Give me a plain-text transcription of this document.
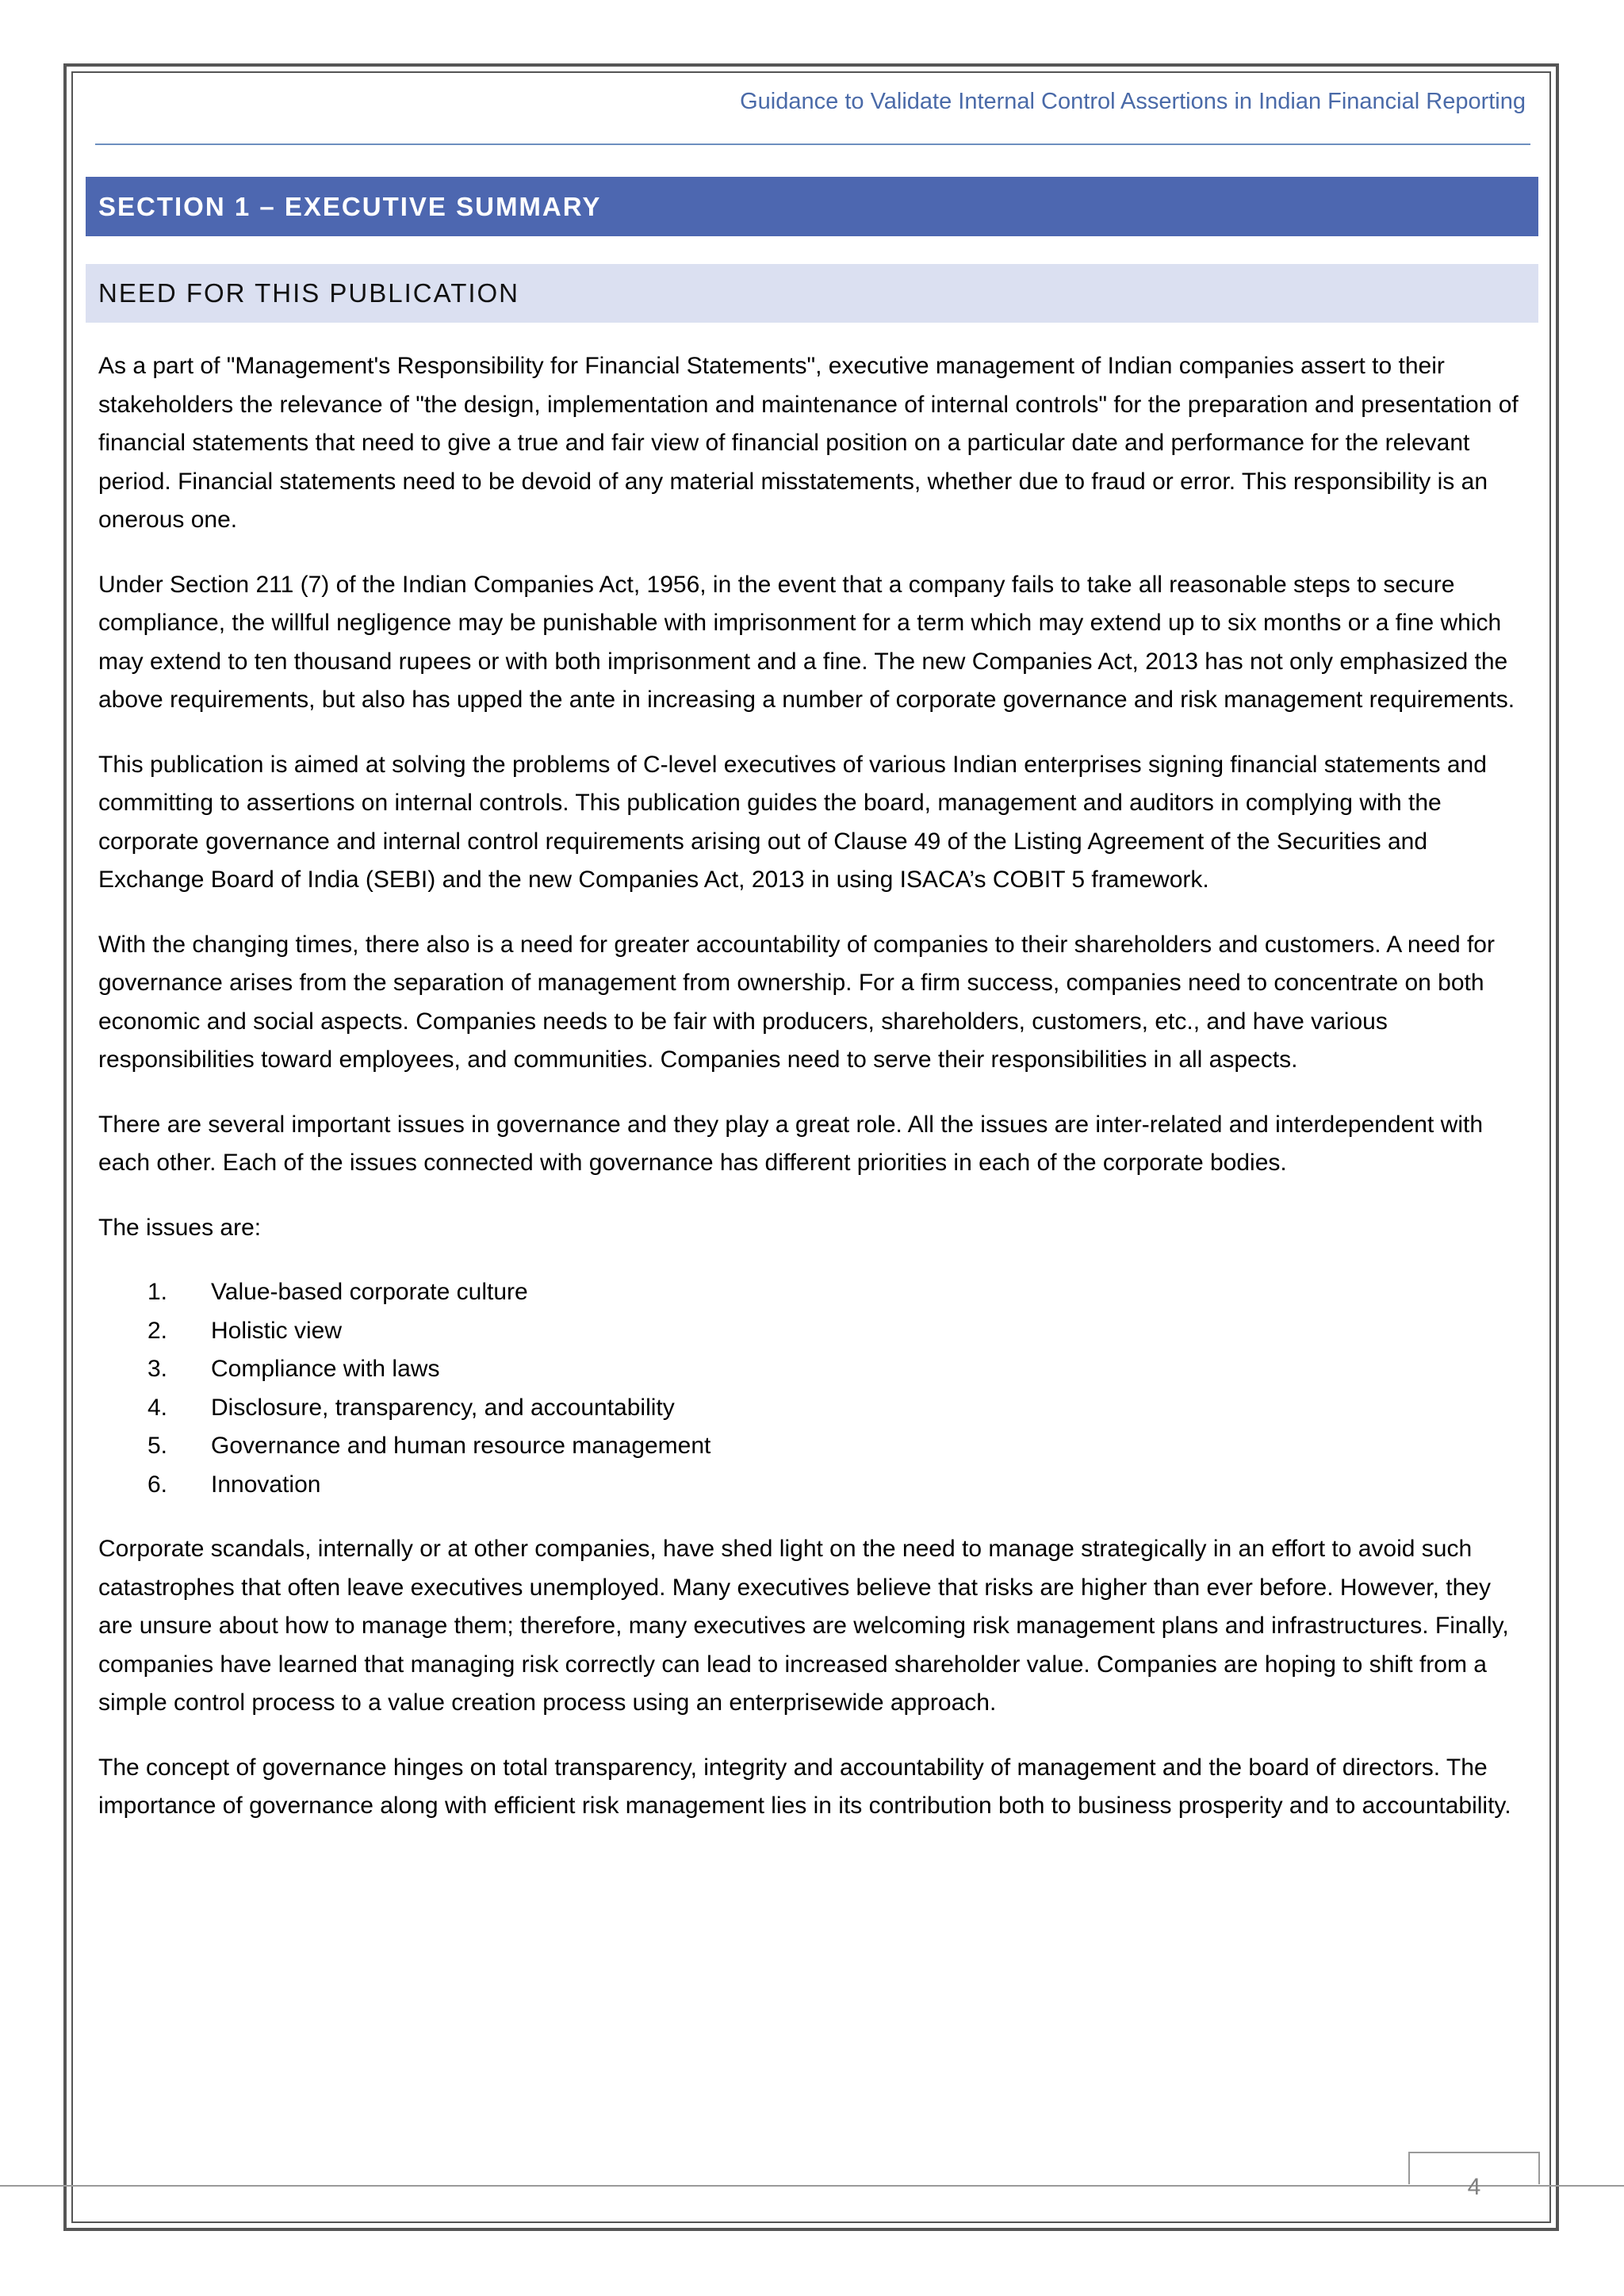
Guidance to Validate Internal Control Assertions in Indian Financial Reporting
SECTION 1 – EXECUTIVE SUMMARY
NEED FOR THIS PUBLICATION

As a part of "Management's Responsibility for Financial Statements", executive management of Indian companies assert to their stakeholders the relevance of "the design, implementation and maintenance of internal controls" for the preparation and presentation of financial statements that need to give a true and fair view of financial position on a particular date and performance for the relevant period. Financial statements need to be devoid of any material misstatements, whether due to fraud or error. This responsibility is an onerous one.

Under Section 211 (7) of the Indian Companies Act, 1956, in the event that a company fails to take all reasonable steps to secure compliance, the willful negligence may be punishable with imprisonment for a term which may extend up to six months or a fine which may extend to ten thousand rupees or with both imprisonment and a fine. The new Companies Act, 2013 has not only emphasized the above requirements, but also has upped the ante in increasing a number of corporate governance and risk management requirements.

This publication is aimed at solving the problems of C-level executives of various Indian enterprises signing financial statements and committing to assertions on internal controls. This publication guides the board, management and auditors in complying with the corporate governance and internal control requirements arising out of Clause 49 of the Listing Agreement of the Securities and Exchange Board of India (SEBI) and the new Companies Act, 2013 in using ISACA’s COBIT 5 framework.

With the changing times, there also is a need for greater accountability of companies to their shareholders and customers. A need for governance arises from the separation of management from ownership. For a firm success, companies need to concentrate on both economic and social aspects. Companies needs to be fair with producers, shareholders, customers, etc., and have various responsibilities toward employees, and communities. Companies need to serve their responsibilities in all aspects.

There are several important issues in governance and they play a great role. All the issues are inter-related and interdependent with each other. Each of the issues connected with governance has different priorities in each of the corporate bodies.

The issues are:

1.	Value-based corporate culture
2.	Holistic view
3.	Compliance with laws
4.	Disclosure, transparency, and accountability
5.	Governance and human resource management
6.	Innovation

Corporate scandals, internally or at other companies, have shed light on the need to manage strategically in an effort to avoid such catastrophes that often leave executives unemployed. Many executives believe that risks are higher than ever before. However, they are unsure about how to manage them; therefore, many executives are welcoming risk management plans and infrastructures. Finally, companies have learned that managing risk correctly can lead to increased shareholder value. Companies are hoping to shift from a simple control process to a value creation process using an enterprisewide approach.

The concept of governance hinges on total transparency, integrity and accountability of management and the board of directors. The importance of governance along with efficient risk management lies in its contribution both to business prosperity and to accountability.

4
